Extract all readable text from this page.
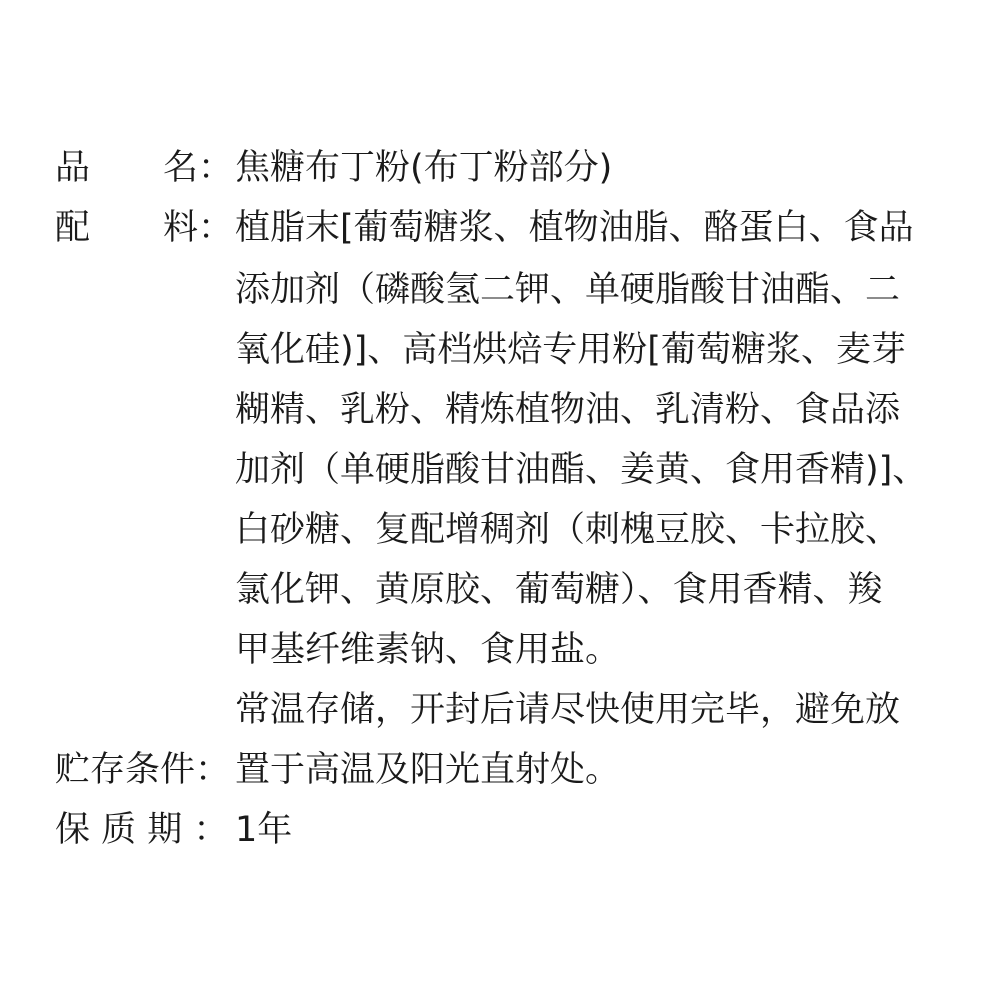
品 名： 焦糖布丁粉(布丁粉部分)
配 料： 植脂末[葡萄糖浆、植物油脂、酪蛋白、食品
添加剂（磷酸氢二钾、单硬脂酸甘油酯、二
氧化硅)]、高档烘焙专用粉[葡萄糖浆、麦芽
糊精、乳粉、精炼植物油、乳清粉、食品添
加剂（单硬脂酸甘油酯、姜黄、食用香精)]、
白砂糖、复配增稠剂（刺槐豆胶、卡拉胶、
氯化钾、黄原胶、葡萄糖）、食用香精、羧
甲基纤维素钠、食用盐。
常温存储，开封后请尽快使用完毕，避免放
贮存条件： 置于高温及阳光直射处。
保 质 期 ： 1年
